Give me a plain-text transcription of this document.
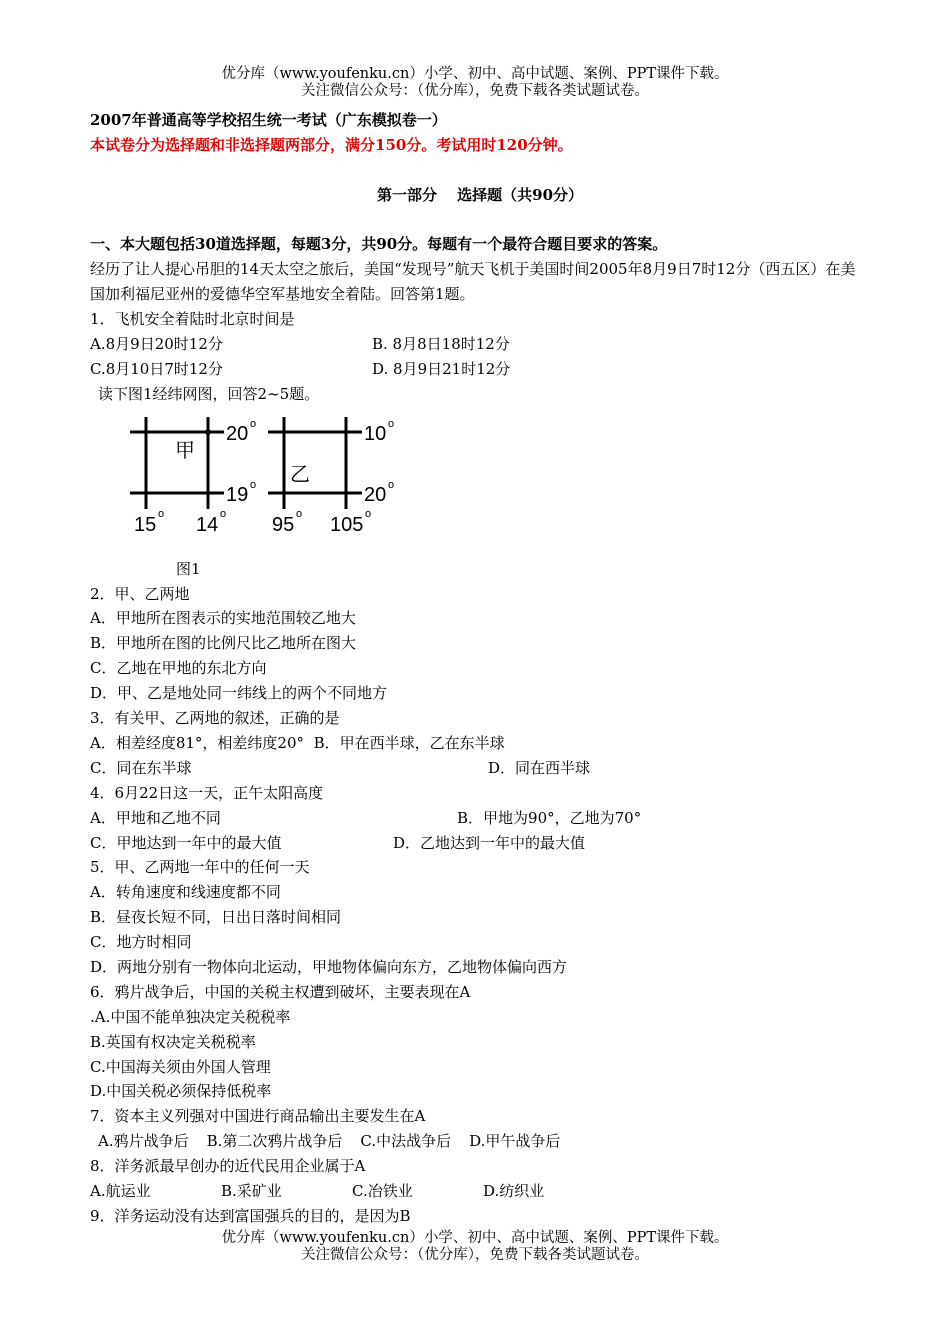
优分库（www.youfenku.cn）小学、初中、高中试题、案例、PPT课件下载。
关注微信公众号：（优分库），免费下载各类试题试卷。
2007年普通高等学校招生统一考试（广东模拟卷一）
本试卷分为选择题和非选择题两部分，满分150分。考试用时120分钟。
第一部分　 选择题（共90分）
一、本大题包括30道选择题，每题3分，共90分。每题有一个最符合题目要求的答案。
经历了让人提心吊胆的14天太空之旅后，美国“发现号”航天飞机于美国时间2005年8月9日7时12分（西五区）在美国加利福尼亚州的爱德华空军基地安全着陆。回答第1题。
1．飞机安全着陆时北京时间是
A.8月9日20时12分	B. 8月8日18时12分
C.8月10日7时12分	D. 8月9日21时12分
读下图1经纬网图，回答2~5题。
甲
20 o
19 o
15 o 14 o
乙
10 o
20 o
95 o 105 o
图1
2．甲、乙两地
A．甲地所在图表示的实地范围较乙地大
B．甲地所在图的比例尺比乙地所在图大
C．乙地在甲地的东北方向
D．甲、乙是地处同一纬线上的两个不同地方
3．有关甲、乙两地的叙述，正确的是
A．相差经度81°，相差纬度20° B．甲在西半球，乙在东半球
C．同在东半球	D．同在西半球
4．6月22日这一天，正午太阳高度
A．甲地和乙地不同	B．甲地为90°，乙地为70°
C．甲地达到一年中的最大值	D．乙地达到一年中的最大值
5．甲、乙两地一年中的任何一天
A．转角速度和线速度都不同
B．昼夜长短不同，日出日落时间相同
C．地方时相同
D．两地分别有一物体向北运动，甲地物体偏向东方，乙地物体偏向西方
6．鸦片战争后，中国的关税主权遭到破坏，主要表现在A
.A.中国不能单独决定关税税率
B.英国有权决定关税税率
C.中国海关须由外国人管理
D.中国关税必须保持低税率
7．资本主义列强对中国进行商品输出主要发生在A
A.鸦片战争后 B.第二次鸦片战争后 C.中法战争后 D.甲午战争后
8．洋务派最早创办的近代民用企业属于A
A.航运业	B.采矿业	C.冶铁业	D.纺织业
9．洋务运动没有达到富国强兵的目的，是因为B
优分库（www.youfenku.cn）小学、初中、高中试题、案例、PPT课件下载。
关注微信公众号：（优分库），免费下载各类试题试卷。
